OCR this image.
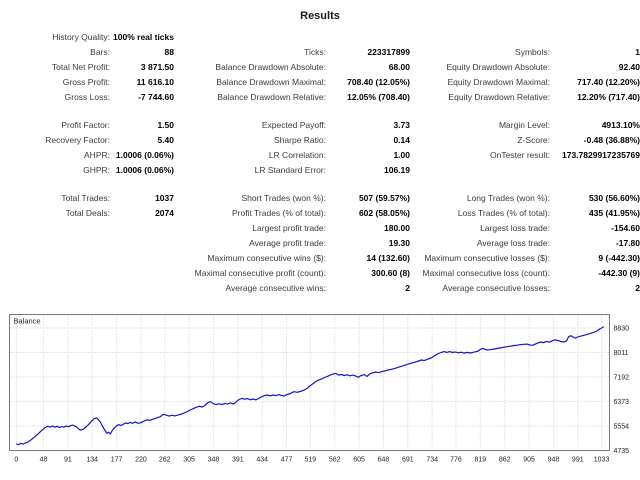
Results
History Quality: 100% real ticks
Bars:	88	Ticks:	223317899	Symbols:	1
Total Net Profit:	3 871.50	Balance Drawdown Absolute:	68.00	Equity Drawdown Absolute:	92.40
Gross Profit:	11 616.10	Balance Drawdown Maximal:	708.40 (12.05%)	Equity Drawdown Maximal:	717.40 (12.20%)
Gross Loss:	-7 744.60	Balance Drawdown Relative:	12.05% (708.40)	Equity Drawdown Relative:	12.20% (717.40)
Profit Factor:	1.50	Expected Payoff:	3.73	Margin Level:	4913.10%
Recovery Factor:	5.40	Sharpe Ratio:	0.14	Z-Score:	-0.48 (36.88%)
AHPR: 1.0006 (0.06%)	LR Correlation:	1.00	OnTester result:	173.7829917235769
GHPR: 1.0006 (0.06%)	LR Standard Error:	106.19
Total Trades:	1037	Short Trades (won %):	507 (59.57%)	Long Trades (won %):	530 (56.60%)
Total Deals:	2074	Profit Trades (% of total):	602 (58.05%)	Loss Trades (% of total):	435 (41.95%)
Largest profit trade:	180.00	Largest loss trade:	-154.60
Average profit trade:	19.30	Average loss trade:	-17.80
Maximum consecutive wins ($):	14 (132.60)	Maximum consecutive losses ($):	9 (-442.30)
Maximal consecutive profit (count):	300.60 (8)	Maximal consecutive loss (count):	-442.30 (9)
Average consecutive wins:	2	Average consecutive losses:	2
0	48 91 134 177 220 262 305 348 391 434 477 519 562 605 648 691 734 776 819 862 905 948 991 1033
4735
5554
6373
7192
8011
8830
Balance
